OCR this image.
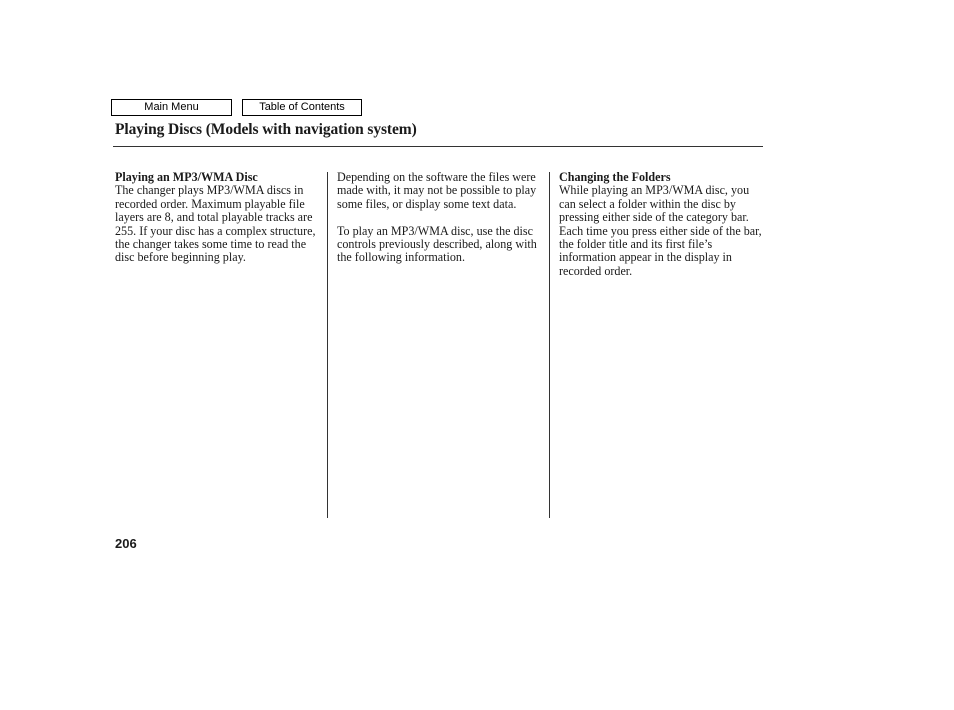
Main Menu	Table of Contents
Playing Discs (Models with navigation system)
Playing an MP3/WMA Disc

The changer plays MP3/WMA discs in recorded order. Maximum playable file layers are 8, and total playable tracks are 255. If your disc has a complex structure, the changer takes some time to read the disc before beginning play.

Depending on the software the files were made with, it may not be possible to play some files, or display some text data.

To play an MP3/WMA disc, use the disc controls previously described, along with the following information.

Changing the Folders

While playing an MP3/WMA disc, you can select a folder within the disc by pressing either side of the category bar. Each time you press either side of the bar, the folder title and its first file’s information appear in the display in recorded order.

206
